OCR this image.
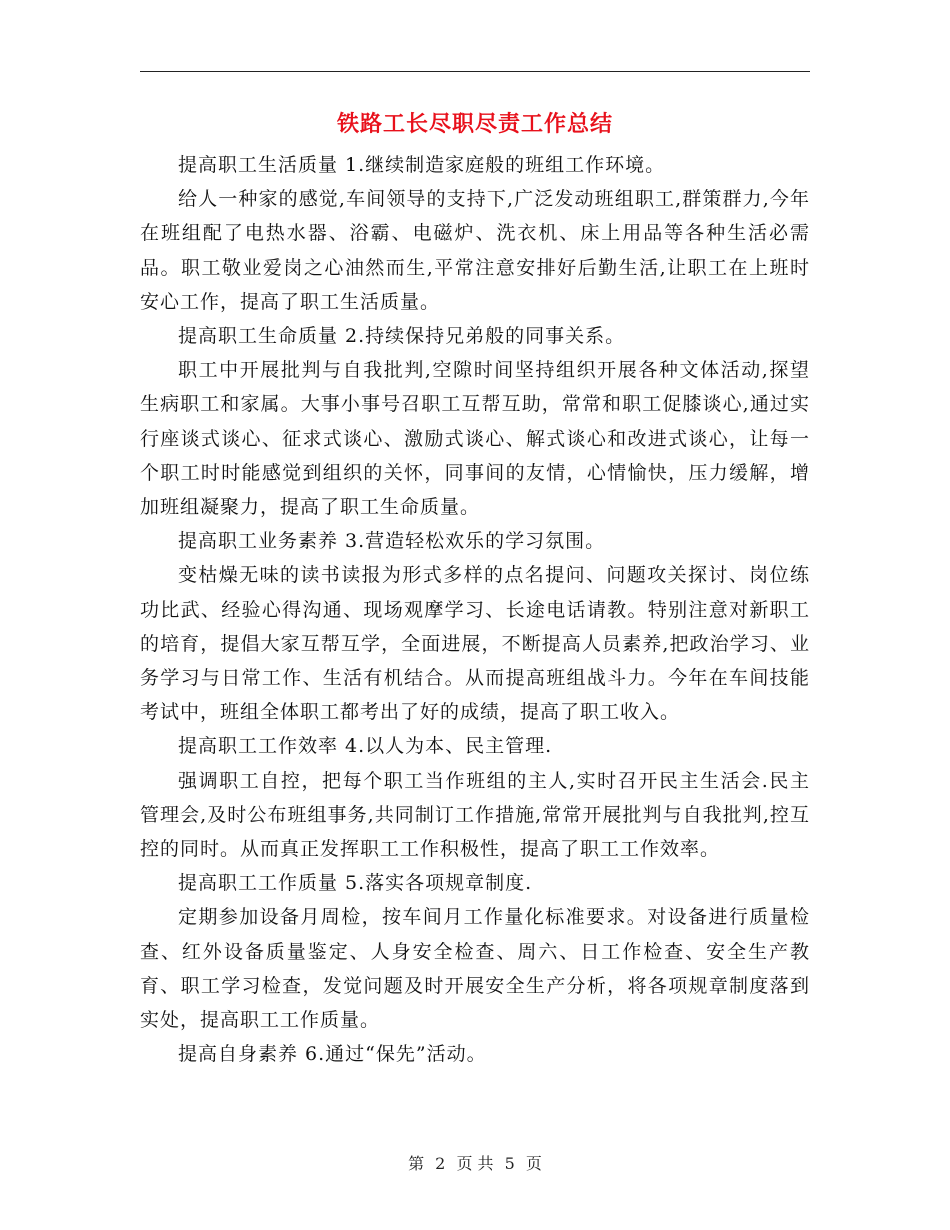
铁路工长尽职尽责工作总结

提高职工生活质量 1.继续制造家庭般的班组工作环境。

给人一种家的感觉,车间领导的支持下,广泛发动班组职工,群策群力,今年在班组配了电热水器、浴霸、电磁炉、洗衣机、床上用品等各种生活必需品。职工敬业爱岗之心油然而生,平常注意安排好后勤生活,让职工在上班时安心工作，提高了职工生活质量。

提高职工生命质量 2.持续保持兄弟般的同事关系。

职工中开展批判与自我批判,空隙时间坚持组织开展各种文体活动,探望生病职工和家属。大事小事号召职工互帮互助，常常和职工促膝谈心,通过实行座谈式谈心、征求式谈心、激励式谈心、解式谈心和改进式谈心，让每一个职工时时能感觉到组织的关怀，同事间的友情，心情愉快，压力缓解，增加班组凝聚力，提高了职工生命质量。

提高职工业务素养 3.营造轻松欢乐的学习氛围。

变枯燥无味的读书读报为形式多样的点名提问、问题攻关探讨、岗位练功比武、经验心得沟通、现场观摩学习、长途电话请教。特别注意对新职工的培育，提倡大家互帮互学，全面进展，不断提高人员素养,把政治学习、业务学习与日常工作、生活有机结合。从而提高班组战斗力。今年在车间技能考试中，班组全体职工都考出了好的成绩，提高了职工收入。

提高职工工作效率 4.以人为本、民主管理.

强调职工自控，把每个职工当作班组的主人,实时召开民主生活会.民主管理会,及时公布班组事务,共同制订工作措施,常常开展批判与自我批判,控互控的同时。从而真正发挥职工工作积极性，提高了职工工作效率。

提高职工工作质量 5.落实各项规章制度.

定期参加设备月周检，按车间月工作量化标准要求。对设备进行质量检查、红外设备质量鉴定、人身安全检查、周六、日工作检查、安全生产教育、职工学习检查，发觉问题及时开展安全生产分析，将各项规章制度落到实处，提高职工工作质量。

提高自身素养 6.通过“保先”活动。

第 2 页 共 5 页
